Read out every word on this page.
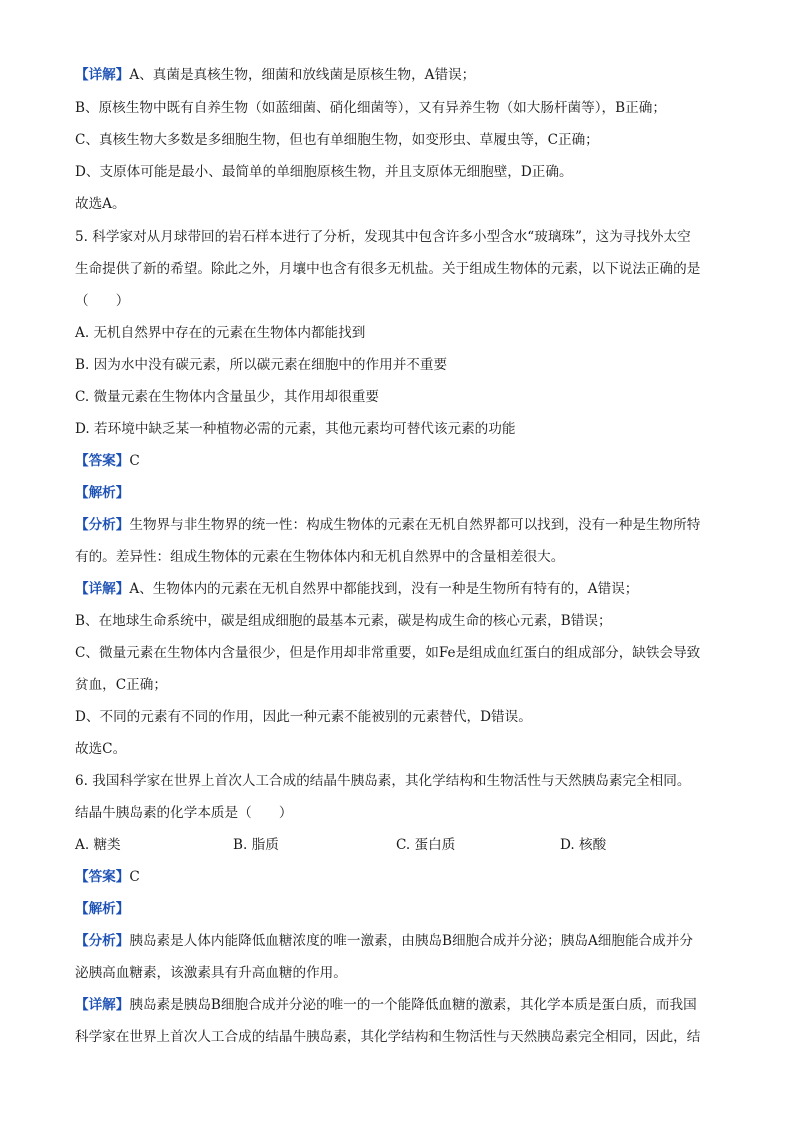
【详解】A、真菌是真核生物，细菌和放线菌是原核生物，A错误；
B、原核生物中既有自养生物（如蓝细菌、硝化细菌等），又有异养生物（如大肠杆菌等），B正确；
C、真核生物大多数是多细胞生物，但也有单细胞生物，如变形虫、草履虫等，C正确；
D、支原体可能是最小、最简单的单细胞原核生物，并且支原体无细胞壁，D正确。
故选A。
5. 科学家对从月球带回的岩石样本进行了分析，发现其中包含许多小型含水“玻璃珠”，这为寻找外太空
生命提供了新的希望。除此之外，月壤中也含有很多无机盐。关于组成生物体的元素，以下说法正确的是
（　　）
A. 无机自然界中存在的元素在生物体内都能找到
B. 因为水中没有碳元素，所以碳元素在细胞中的作用并不重要
C. 微量元素在生物体内含量虽少，其作用却很重要
D. 若环境中缺乏某一种植物必需的元素，其他元素均可替代该元素的功能
【答案】C
【解析】
【分析】生物界与非生物界的统一性：构成生物体的元素在无机自然界都可以找到，没有一种是生物所特
有的。差异性：组成生物体的元素在生物体体内和无机自然界中的含量相差很大。
【详解】A、生物体内的元素在无机自然界中都能找到，没有一种是生物所有特有的，A错误；
B、在地球生命系统中，碳是组成细胞的最基本元素，碳是构成生命的核心元素，B错误；
C、微量元素在生物体内含量很少，但是作用却非常重要，如Fe是组成血红蛋白的组成部分，缺铁会导致
贫血，C正确；
D、不同的元素有不同的作用，因此一种元素不能被别的元素替代，D错误。
故选C。
6. 我国科学家在世界上首次人工合成的结晶牛胰岛素，其化学结构和生物活性与天然胰岛素完全相同。
结晶牛胰岛素的化学本质是（　　）
A. 糖类	B. 脂质	C. 蛋白质	D. 核酸
【答案】C
【解析】
【分析】胰岛素是人体内能降低血糖浓度的唯一激素，由胰岛B细胞合成并分泌；胰岛A细胞能合成并分
泌胰高血糖素，该激素具有升高血糖的作用。
【详解】胰岛素是胰岛B细胞合成并分泌的唯一的一个能降低血糖的激素，其化学本质是蛋白质，而我国
科学家在世界上首次人工合成的结晶牛胰岛素，其化学结构和生物活性与天然胰岛素完全相同，因此，结
